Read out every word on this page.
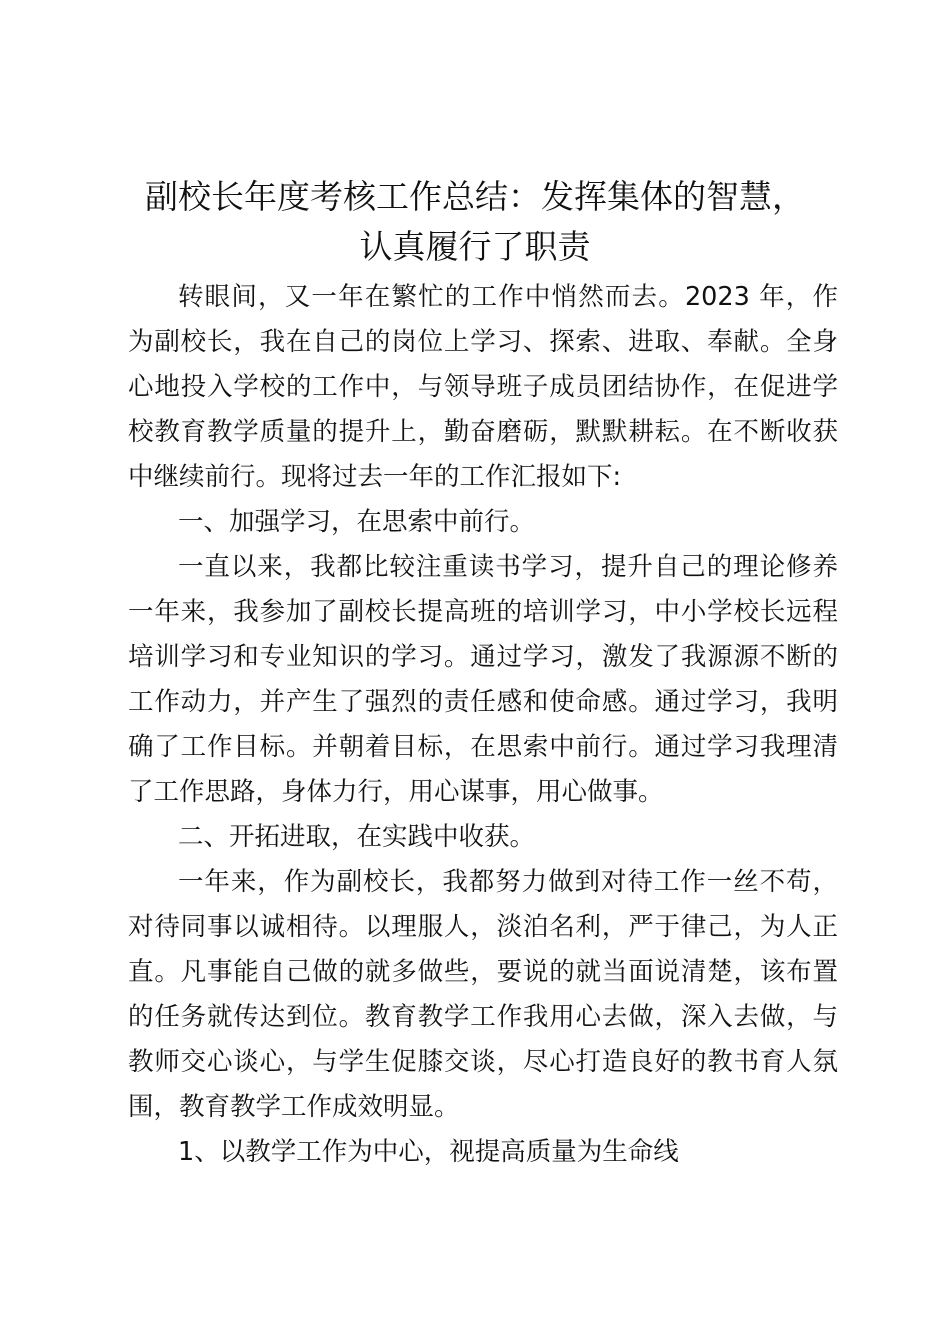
副校长年度考核工作总结：发挥集体的智慧，
认真履行了职责

转眼间，又一年在繁忙的工作中悄然而去。2023 年，作

为副校长，我在自己的岗位上学习、探索、进取、奉献。全身

心地投入学校的工作中，与领导班子成员团结协作，在促进学

校教育教学质量的提升上，勤奋磨砺，默默耕耘。在不断收获

中继续前行。现将过去一年的工作汇报如下:

一、加强学习，在思索中前行。

一直以来，我都比较注重读书学习，提升自己的理论修养

一年来，我参加了副校长提高班的培训学习，中小学校长远程

培训学习和专业知识的学习。通过学习，激发了我源源不断的

工作动力，并产生了强烈的责任感和使命感。通过学习，我明

确了工作目标。并朝着目标，在思索中前行。通过学习我理清

了工作思路，身体力行，用心谋事，用心做事。

二、开拓进取，在实践中收获。

一年来，作为副校长，我都努力做到对待工作一丝不苟，

对待同事以诚相待。以理服人，淡泊名利，严于律己，为人正

直。凡事能自己做的就多做些，要说的就当面说清楚，该布置

的任务就传达到位。教育教学工作我用心去做，深入去做，与

教师交心谈心，与学生促膝交谈，尽心打造良好的教书育人氛

围，教育教学工作成效明显。

1、以教学工作为中心，视提高质量为生命线
